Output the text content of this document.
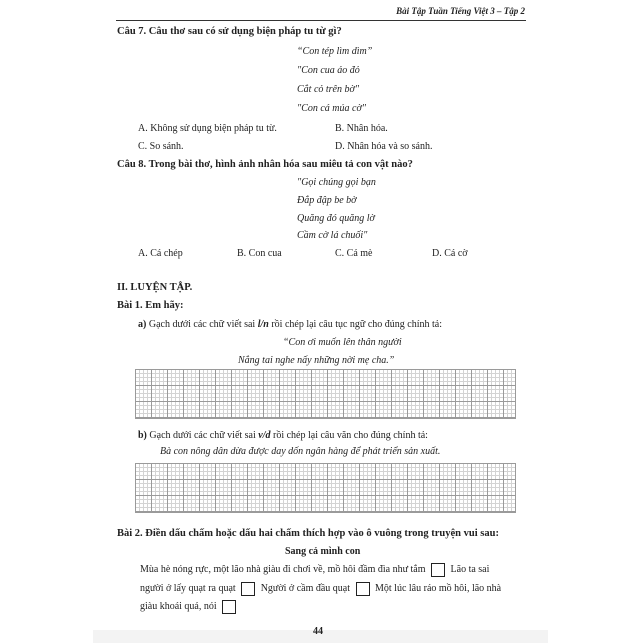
Bài Tập Tuần Tiếng Việt 3 – Tập 2
Câu 7. Câu thơ sau có sử dụng biện pháp tu từ gì?
“Con tép lìm dìm”
"Con cua áo đỏ
Cắt cỏ trên bờ"
"Con cá múa cờ"
A. Không sử dụng biện pháp tu từ.	B. Nhân hóa.
C. So sánh.	D. Nhân hóa và so sánh.
Câu 8. Trong bài thơ, hình ảnh nhân hóa sau miêu tả con vật nào?
"Gọi chúng gọi bạn
Đắp đập be bờ
Quăng đó quăng lờ
Cầm cờ lá chuối"
A. Cá chép	B. Con cua	C. Cá mè	D. Cá cờ
II. LUYỆN TẬP.
Bài 1. Em hãy:
a) Gạch dưới các chữ viết sai l/n rồi chép lại câu tục ngữ cho đúng chính tả:
“Con ơi muốn lên thân người
Nắng tai nghe nấy những nời mẹ cha.”
b) Gạch dưới các chữ viết sai v/d rồi chép lại câu văn cho đúng chính tả:
Bà con nông dân dừa được day dốn ngân hàng để phát triển sản xuất.
Bài 2. Điền dấu chấm hoặc dấu hai chấm thích hợp vào ô vuông trong truyện vui sau:
Sang cả mình con
Mùa hè nóng rực, một lão nhà giàu đi chơi về, mồ hôi đầm đìa như tắm	Lão ta sai
người ở lấy quạt ra quạt	Người ở cầm đầu quạt	Một lúc lâu ráo mồ hôi, lão nhà
giàu khoái quá, nói
44
